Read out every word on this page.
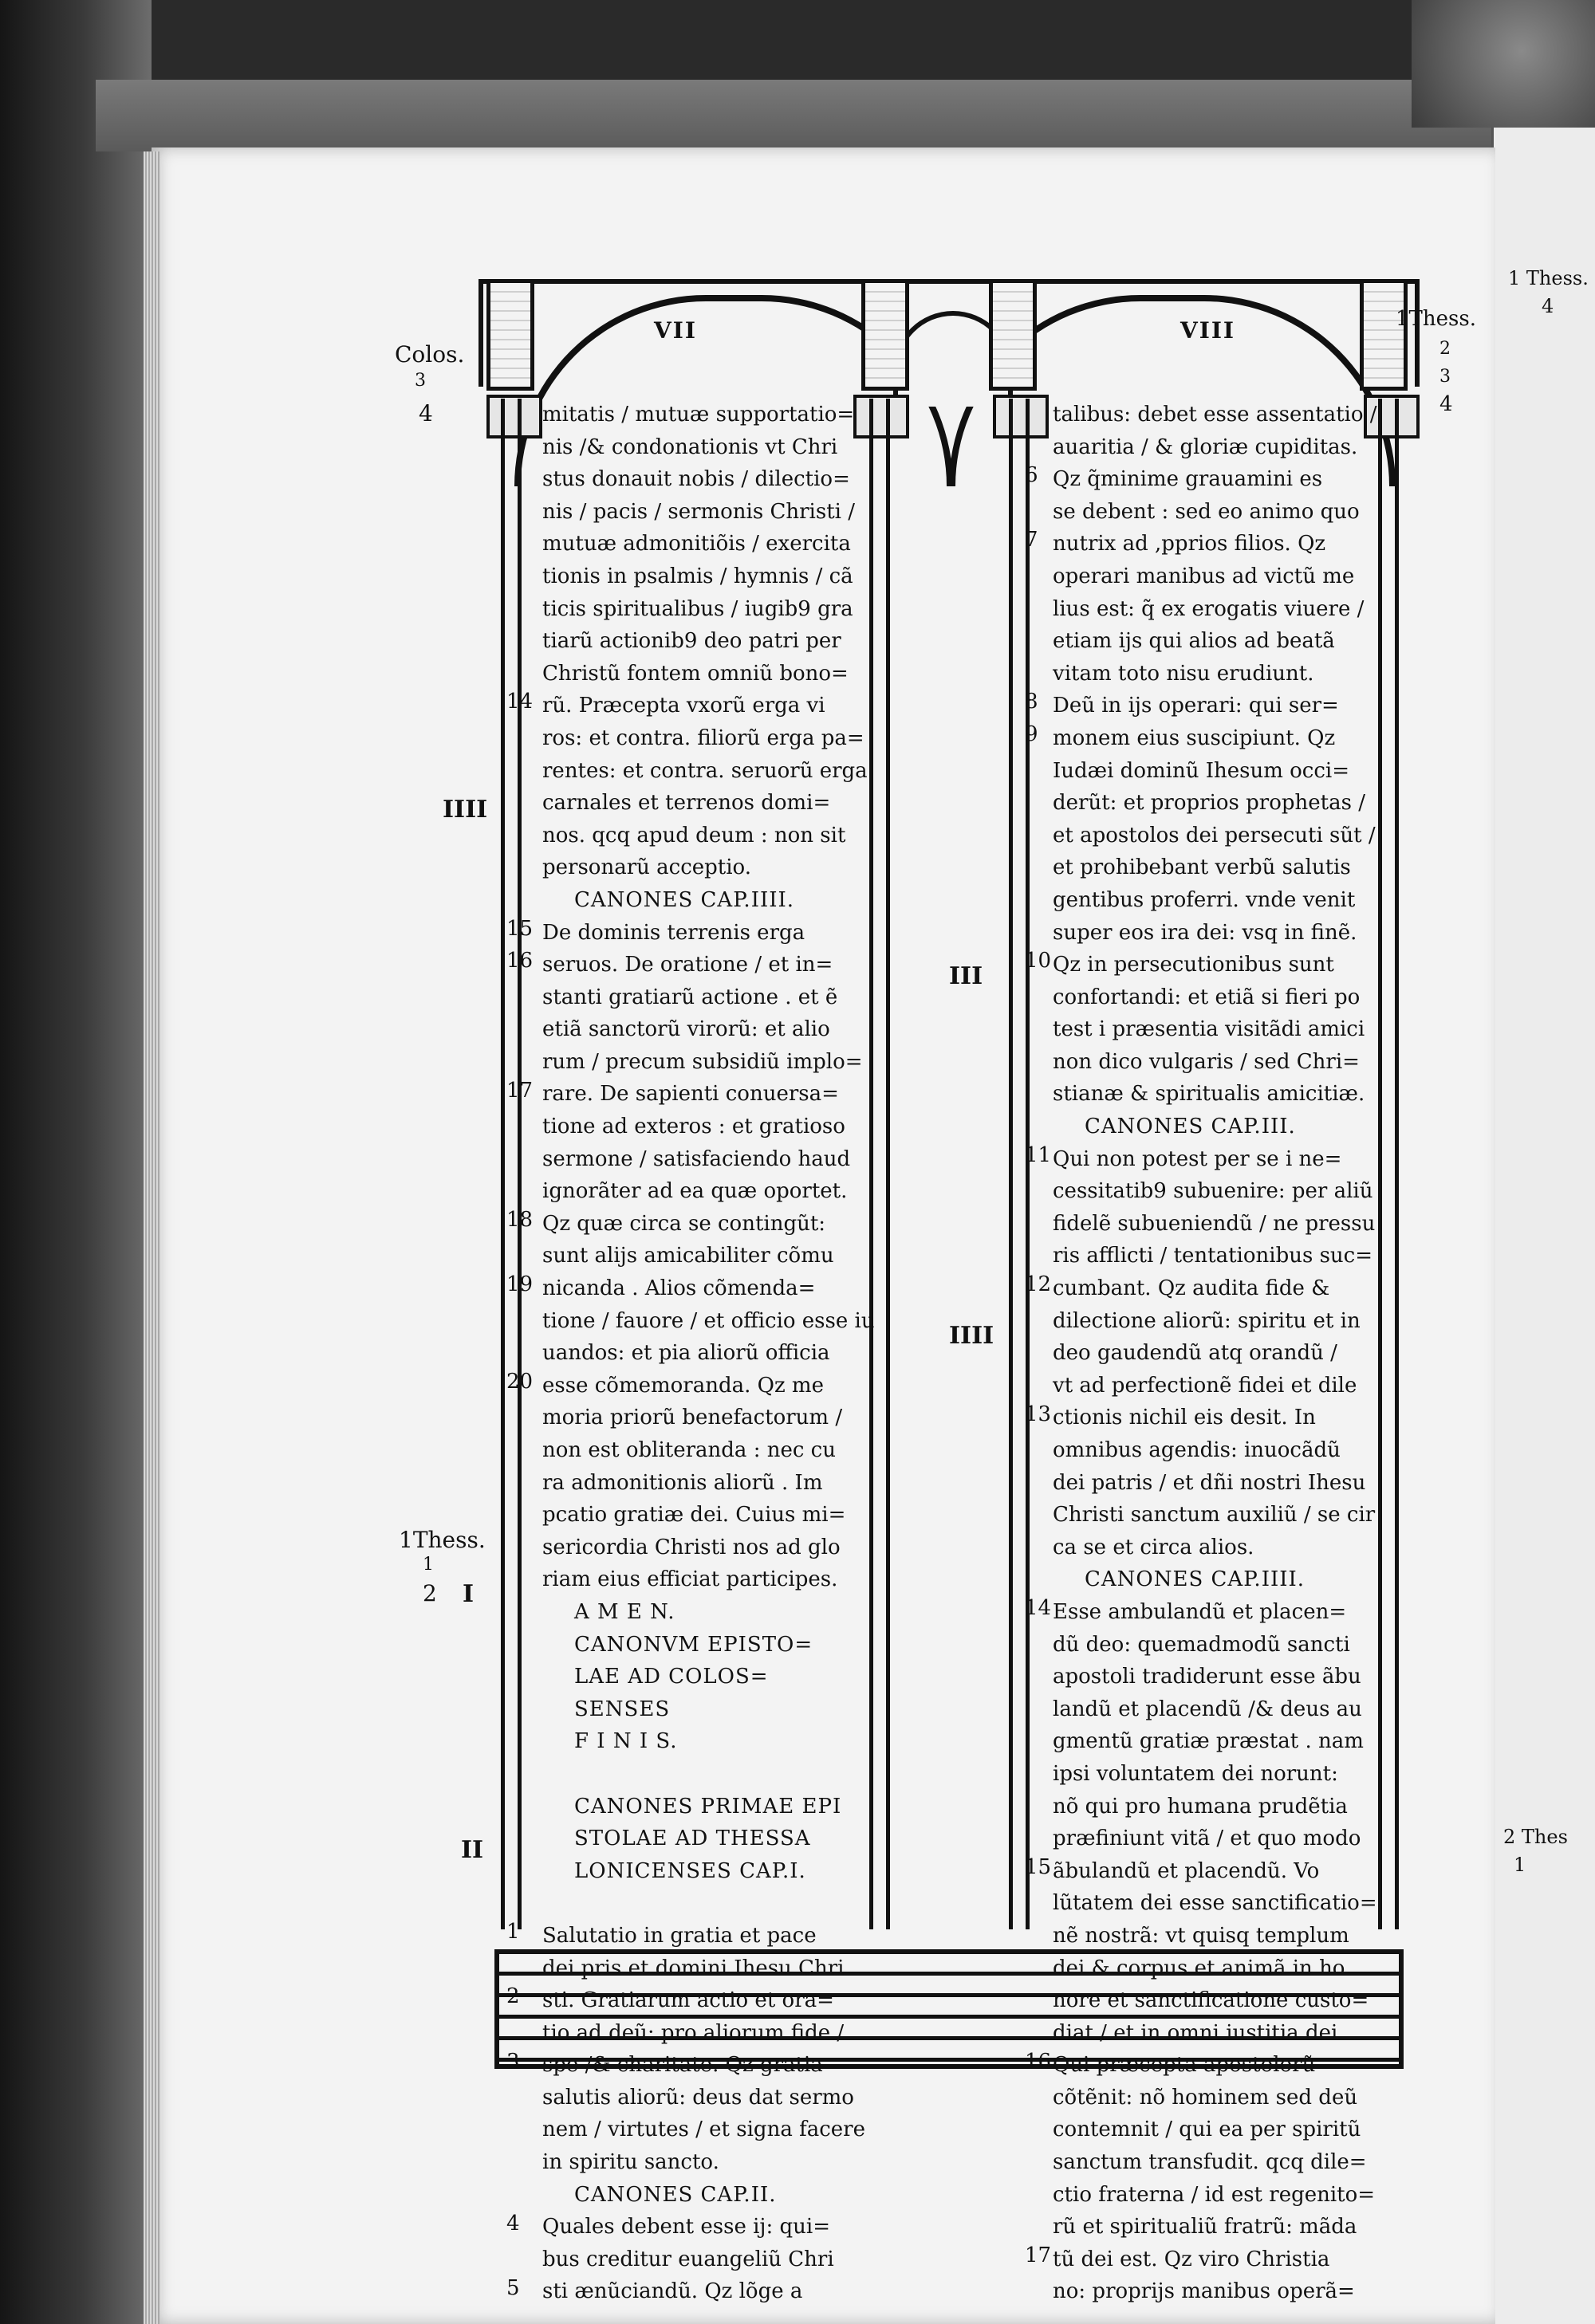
1 Thess.
4
2 Thes
1
VII	VIII
mitatis / mutuæ supportatio=
nis /& condonationis vt Chri
stus donauit nobis / dilectio=
nis / pacis / sermonis Christi /
mutuæ admonitiõis / exercita
tionis in psalmis / hymnis / cã
ticis spiritualibus / iugib9 gra
tiarũ actionib9 deo patri per
Christũ fontem omniũ bono=
rũ. Præcepta vxorũ erga vi
ros: et contra. filiorũ erga pa=
rentes: et contra. seruorũ erga
carnales et terrenos domi=
nos. qcq apud deum : non sit
personarũ acceptio.
CANONES CAP.IIII.
De dominis terrenis erga
seruos. De oratione / et in=
stanti gratiarũ actione . et ẽ
etiã sanctorũ virorũ: et alio
rum / precum subsidiũ implo=
rare. De sapienti conuersa=
tione ad exteros : et gratioso
sermone / satisfaciendo haud
ignorãter ad ea quæ oportet.
Qz quæ circa se contingũt:
sunt alijs amicabiliter cõmu
nicanda . Alios cõmenda=
tione / fauore / et officio esse iu
uandos: et pia aliorũ officia
esse cõmemoranda. Qz me
moria priorũ benefactorum /
non est obliteranda : nec cu
ra admonitionis aliorũ . Im
pcatio gratiæ dei. Cuius mi=
sericordia Christi nos ad glo
riam eius efficiat participes.
A M E N.
CANONVM EPISTO=
LAE AD COLOS=
SENSES
F I N I S.
CANONES PRIMAE EPI
STOLAE AD THESSA
LONICENSES CAP.I.
Salutatio in gratia et pace
dei pris et domini Ihesu Chri
sti. Gratiarum actio et ora=
tio ad deũ: pro aliorum fide /
spe /& charitate. Qz gratia
salutis aliorũ: deus dat sermo
nem / virtutes / et signa facere
in spiritu sancto.
CANONES CAP.II.
Quales debent esse ij: qui=
bus creditur euangeliũ Chri
sti ænũciandũ. Qz lõge a
talibus: debet esse assentatio /
auaritia / & gloriæ cupiditas.
Qz q̃minime grauamini es
se debent : sed eo animo quo
nutrix ad ,pprios filios. Qz
operari manibus ad victũ me
lius est: q̃ ex erogatis viuere /
etiam ijs qui alios ad beatã
vitam toto nisu erudiunt.
Deũ in ijs operari: qui ser=
monem eius suscipiunt. Qz
Iudæi dominũ Ihesum occi=
derũt: et proprios prophetas /
et apostolos dei persecuti sũt /
et prohibebant verbũ salutis
gentibus proferri. vnde venit
super eos ira dei: vsq in finẽ.
Qz in persecutionibus sunt
confortandi: et etiã si fieri po
test i præsentia visitãdi amici
non dico vulgaris / sed Chri=
stianæ & spiritualis amicitiæ.
CANONES CAP.III.
Qui non potest per se i ne=
cessitatib9 subuenire: per aliũ
fidelẽ subueniendũ / ne pressu
ris afflicti / tentationibus suc=
cumbant. Qz audita fide &
dilectione aliorũ: spiritu et in
deo gaudendũ atq orandũ /
vt ad perfectionẽ fidei et dile
ctionis nichil eis desit. In
omnibus agendis: inuocãdũ
dei patris / et dñi nostri Ihesu
Christi sanctum auxiliũ / se cir
ca se et circa alios.
CANONES CAP.IIII.
Esse ambulandũ et placen=
dũ deo: quemadmodũ sancti
apostoli tradiderunt esse ãbu
landũ et placendũ /& deus au
gmentũ gratiæ præstat . nam
ipsi voluntatem dei norunt:
nõ qui pro humana prudẽtia
præfiniunt vitã / et quo modo
ãbulandũ et placendũ. Vo
lũtatem dei esse sanctificatio=
nẽ nostrã: vt quisq templum
dei & corpus et animã in ho
nore et sanctificatione custo=
diat / et in omni iustitia dei.
Qui præcepta apostolorũ
cõtẽnit: nõ hominem sed deũ
contemnit / qui ea per spiritũ
sanctum transfudit. qcq dile=
ctio fraterna / id est regenito=
rũ et spiritualiũ fratrũ: mãda
tũ dei est. Qz viro Christia
no: proprijs manibus operã=
14
15
16
17
18
19
20
1
2
3
4
5
6
7
8
9
10
11
12
13
14
15
16
17
Colos.
3
4
1Thess.
1
2
1Thess.
2
3
4
IIII
I
II
III
IIII
